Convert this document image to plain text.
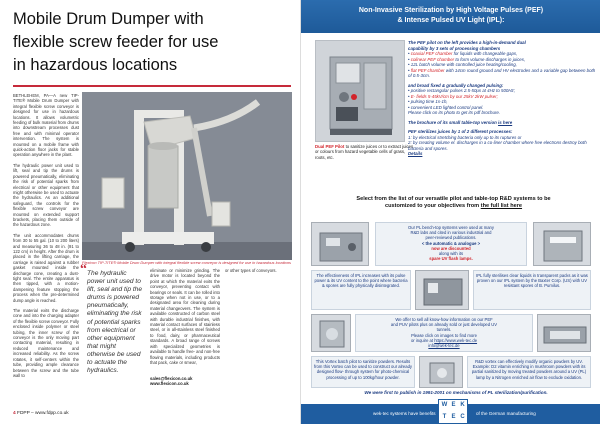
Mobile Drum Dumper with
flexible screw feeder for use
in hazardous locations

BETHLEHEM, PA—A new TIP-TITE® Mobile Drum Dumper with integral flexible screw conveyor is designed for use in hazardous locations. It allows volumetric feeding of bulk material from drums into downstream processes dust free and with minimal operator intervention. The system is mounted on a mobile frame with quick-action floor jacks for stable operation anywhere in the plant.

The hydraulic power unit used to lift, seal and tip the drums is powered pneumatically, eliminating the risk of potential sparks from electrical or other equipment that might otherwise be used to actuate the hydraulics. As an additional safeguard, the controls for the flexible screw conveyor are mounted on extended support brackets, placing them outside of the hazardous zone.

The unit accommodates drums from 30 to 55 gal. (10 to 200 liters) and measuring 36 to 48 in. (91 to 122 cm) in height. After the drum is placed in the lifting carriage, the carriage is raised against a rubber gasket mounted inside the discharge cone, creating a dust-tight seal. The entire apparatus is then tipped, with a motion-dampening feature stopping the process when the pre-determined dump angle is reached.

The material exits the discharge cone and into the charging adapter of the flexible screw conveyor. Fully enclosed inside polymer or steel tubing, the inner screw of the conveyor is the only moving part contacting material, resulting in reduced maintenance and increased reliability. As the screw rotates, it self-centers within the tube, providing ample clearance between the screw and the tube wall to

Flexicon TIP-TITE® Mobile Drum Dumper with integral flexible screw conveyor is designed for use in hazardous locations
“ The hydraulic power unit used to lift, seal and tip the drums is powered pneumatically, eliminating the risk of potential sparks from electrical or other equipment that might otherwise be used to actuate the hydraulics.
eliminate or minimize grinding. The drive motor is located beyond the point at which the material exits the conveyor, preventing contact with bearings or seals. It can be rolled into storage when not in use, or to a designated area for cleaning during material changeovers. The system is available constructed of carbon steel with durable industrial finishes, with material contact surfaces of stainless steel, or in all-stainless steel finished to food, dairy, or pharmaceutical standards. A broad range of screws with specialized geometries is available to handle free- and non-free flowing materials, including products that pack, cake or smear,
or other types of conveyors.
sales@flexicon.co.uk
www.flexicon.co.uk
4 FDPP – www.fdpp.co.uk
Non-Invasive Sterilization by High Voltage Pulses (PEF)
& Intense Pulsed UV Light (IPL):
Dual PEF Pilot to sanitize juices or to extract juices or colours from hazard vegetable cells of grass, roots, etc.
The PEF pilot on the left provides a high-in-demand dual
capability by 3 sets of processing chambers
• coaxial PEF chamber for liquids with changeable gaps,
• colinear PEF chamber to form volume discharges in juices,
• 12L batch volume with controlled juice heating/cooling,
• flat PEF chamber with 14cm round ground and HV electrodes and a variable gap between both of 0.5-3cm.
and broad fixed & gradually changed pulsing:
• positive rectangular pulses 2.5-50μs at 4Hz to 500Hz;
• E- fields 5-45kV/cm by our 25kV 2kW pulser;
• pulsing time 1s-1h,
• convenient LED lighted control panel.
Please click on its photo to get its pdf brochure.
The brochure of its small table-top version is here
PEF sterilizes juices by 1 of 2 different processes:
1: by electrical stretching bacteria only up to its ruptures or
2: by creating volume el. discharges in a co-liner chamber where free electrons destroy both bacteria and spores.
Details
Select from the list of our versatile pilot and table-top R&D systems to be
customized to your objectives from the full list here
Our PL bench-top systems were used at many
R&D labs and cited in various industrial and
peer-reviewed publications.
< the automatic & analogue >
now are discounted
along with its
spare UV flash lamps.
The effectiveness of IPL increases with its pulse power & its UV content to the point where bacteria & spores are fully physically disintegrated.
IPL fully sterilises clear liquids in transparent packs as it was proven on our IPL system by the Baxter Corp. (US) with UV resistant spores of B. Pumilus.
We offer to sell all know-how information on our PEF
and PUV pilots plus on already sold or just developed UV
tunnels.
Please click on images to find more
or inquire at https://www.wek-tec.de
info@wek-tec.de
This Vortex batch pilot to sanitize powders. Results from this Vortex can be used to construct our already designed flow- through system for photo-chemical processing of up to 100kg/hour powder.
R&D vortex can effectively modify organic powders by UV. Example: D2 vitamin enriching in mushroom powders with its partial sanitized by moving treated powders around a UV (PL) lamp by a Nitrogen enriched air flow to exclude oxidation.
We were first to publish in 1991-2001 on mechanisms of PL sterilization/purification.
wek-tec systems have benefits	of the German manufacturing
W E K
T E C
